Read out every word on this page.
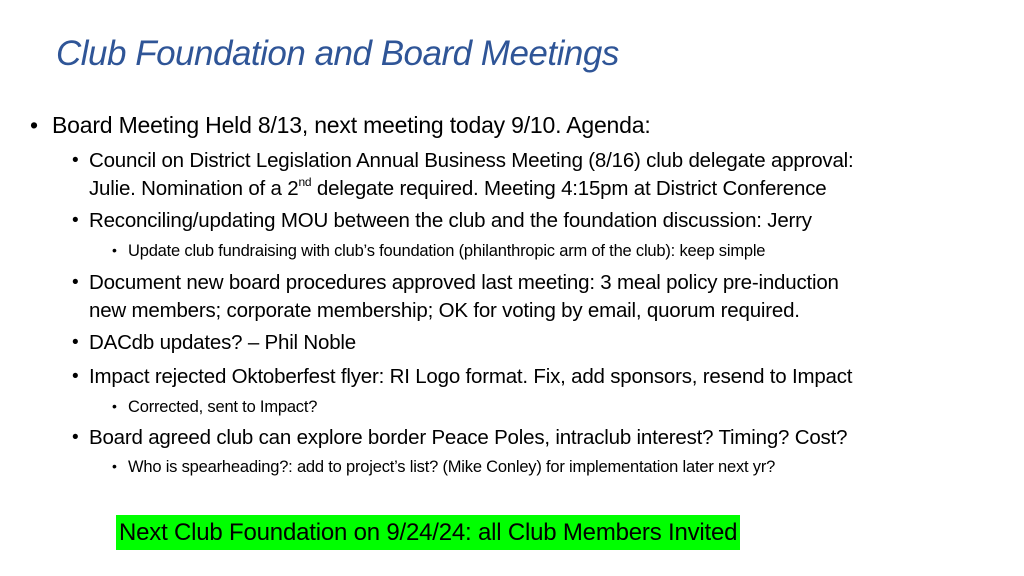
Club Foundation and Board Meetings
• Board Meeting Held 8/13, next meeting today 9/10. Agenda:
• Council on District Legislation Annual Business Meeting (8/16) club delegate approval:
Julie. Nomination of a 2nd delegate required. Meeting 4:15pm at District Conference
• Reconciling/updating MOU between the club and the foundation discussion: Jerry
• Update club fundraising with club’s foundation (philanthropic arm of the club): keep simple
• Document new board procedures approved last meeting: 3 meal policy pre-induction
new members; corporate membership; OK for voting by email, quorum required.
• DACdb updates? – Phil Noble
• Impact rejected Oktoberfest flyer: RI Logo format. Fix, add sponsors, resend to Impact
• Corrected, sent to Impact?
• Board agreed club can explore border Peace Poles, intraclub interest? Timing? Cost?
• Who is spearheading?: add to project’s list? (Mike Conley) for implementation later next yr?
Next Club Foundation on 9/24/24: all Club Members Invited
